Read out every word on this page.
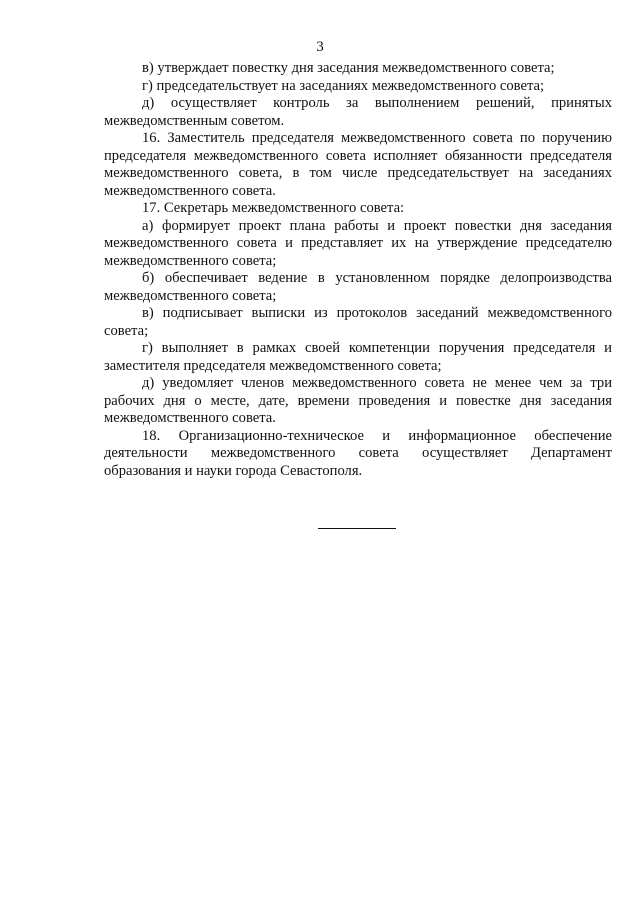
3

в) утверждает повестку дня заседания межведомственного совета;

г) председательствует на заседаниях межведомственного совета;

д) осуществляет контроль за выполнением решений, принятых межведомственным советом.

16. Заместитель председателя межведомственного совета по поручению председателя межведомственного совета исполняет обязанности председателя межведомственного совета, в том числе председательствует на заседаниях межведомственного совета.

17. Секретарь межведомственного совета:

а) формирует проект плана работы и проект повестки дня заседания межведомственного совета и представляет их на утверждение председателю межведомственного совета;

б) обеспечивает ведение в установленном порядке делопроизводства межведомственного совета;

в) подписывает выписки из протоколов заседаний межведомственного совета;

г) выполняет в рамках своей компетенции поручения председателя и заместителя председателя межведомственного совета;

д) уведомляет членов межведомственного совета не менее чем за три рабочих дня о месте, дате, времени проведения и повестке дня заседания межведомственного совета.

18. Организационно-техническое и информационное обеспечение деятельности межведомственного совета осуществляет Департамент образования и науки города Севастополя.
